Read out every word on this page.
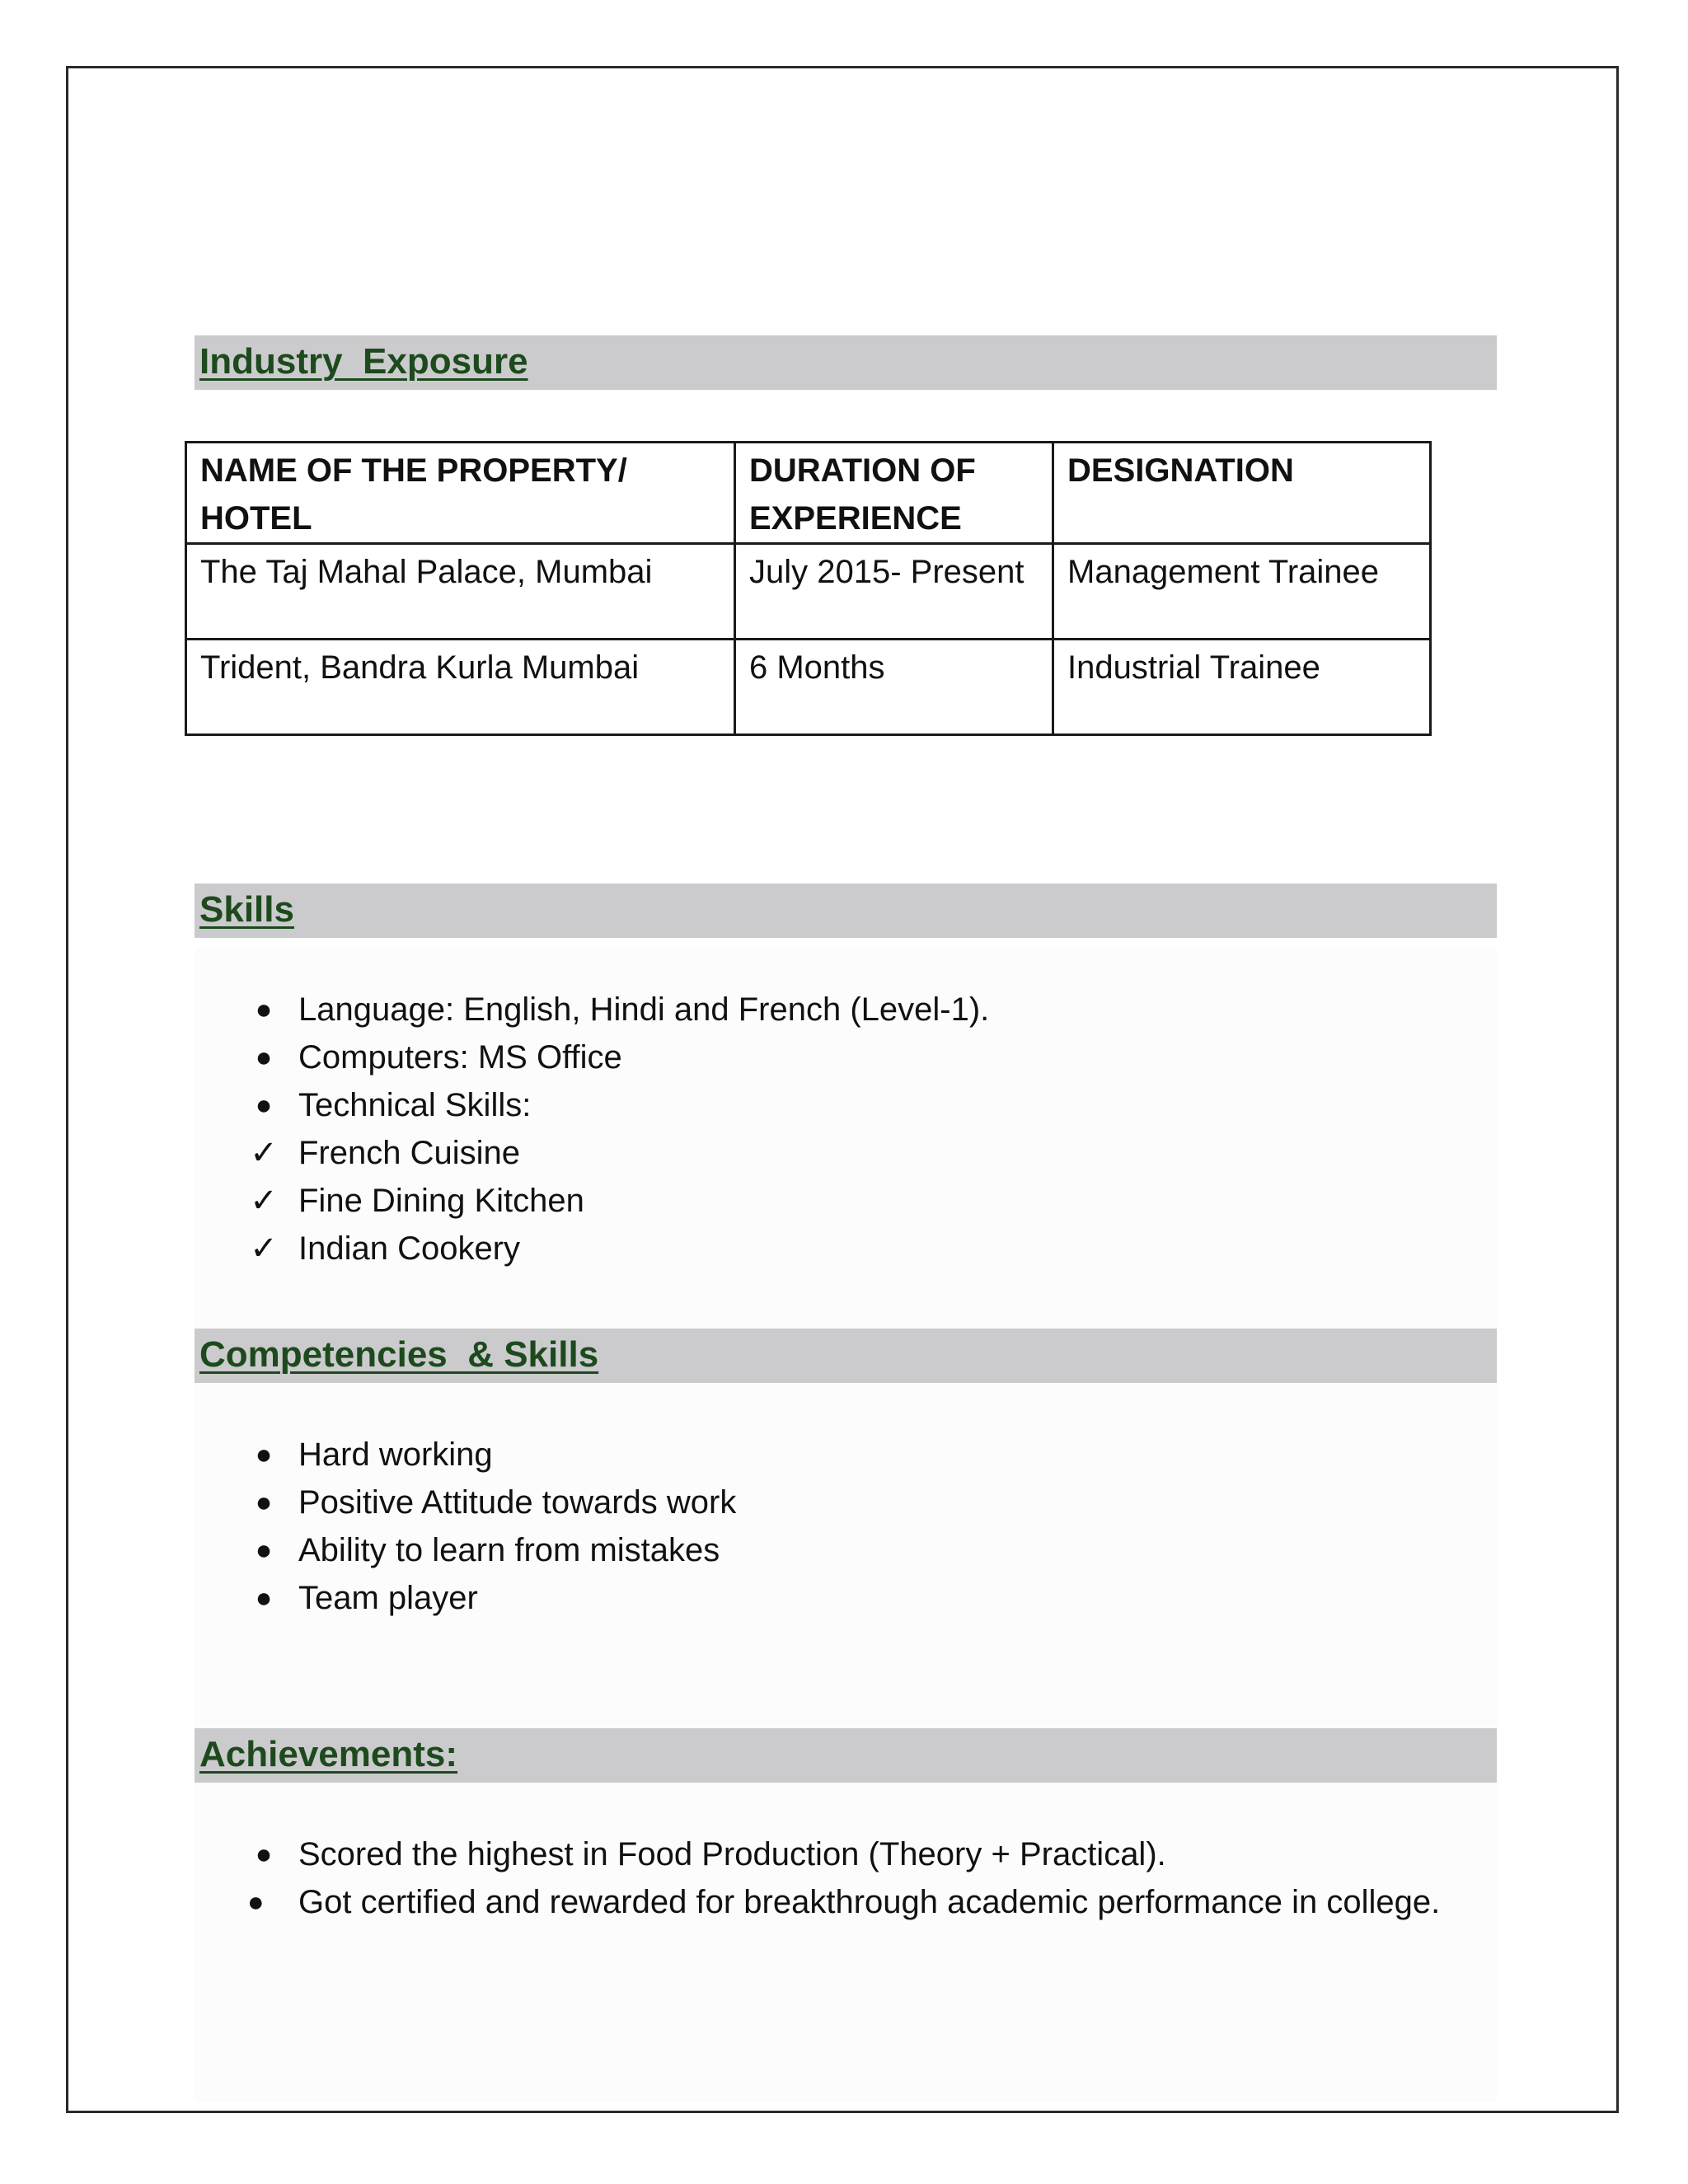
Industry  Exposure
NAME OF THE PROPERTY/ HOTEL	DURATION OF EXPERIENCE	DESIGNATION
The Taj Mahal Palace, Mumbai	July 2015- Present	Management Trainee
Trident, Bandra Kurla Mumbai	6 Months	Industrial Trainee
Skills
● Language: English, Hindi and French (Level-1).
● Computers: MS Office
● Technical Skills:
✓ French Cuisine
✓ Fine Dining Kitchen
✓ Indian Cookery
Competencies  & Skills
● Hard working
● Positive Attitude towards work
● Ability to learn from mistakes
● Team player
Achievements:
● Scored the highest in Food Production (Theory + Practical).
●	Got certified and rewarded for breakthrough academic performance in college.
